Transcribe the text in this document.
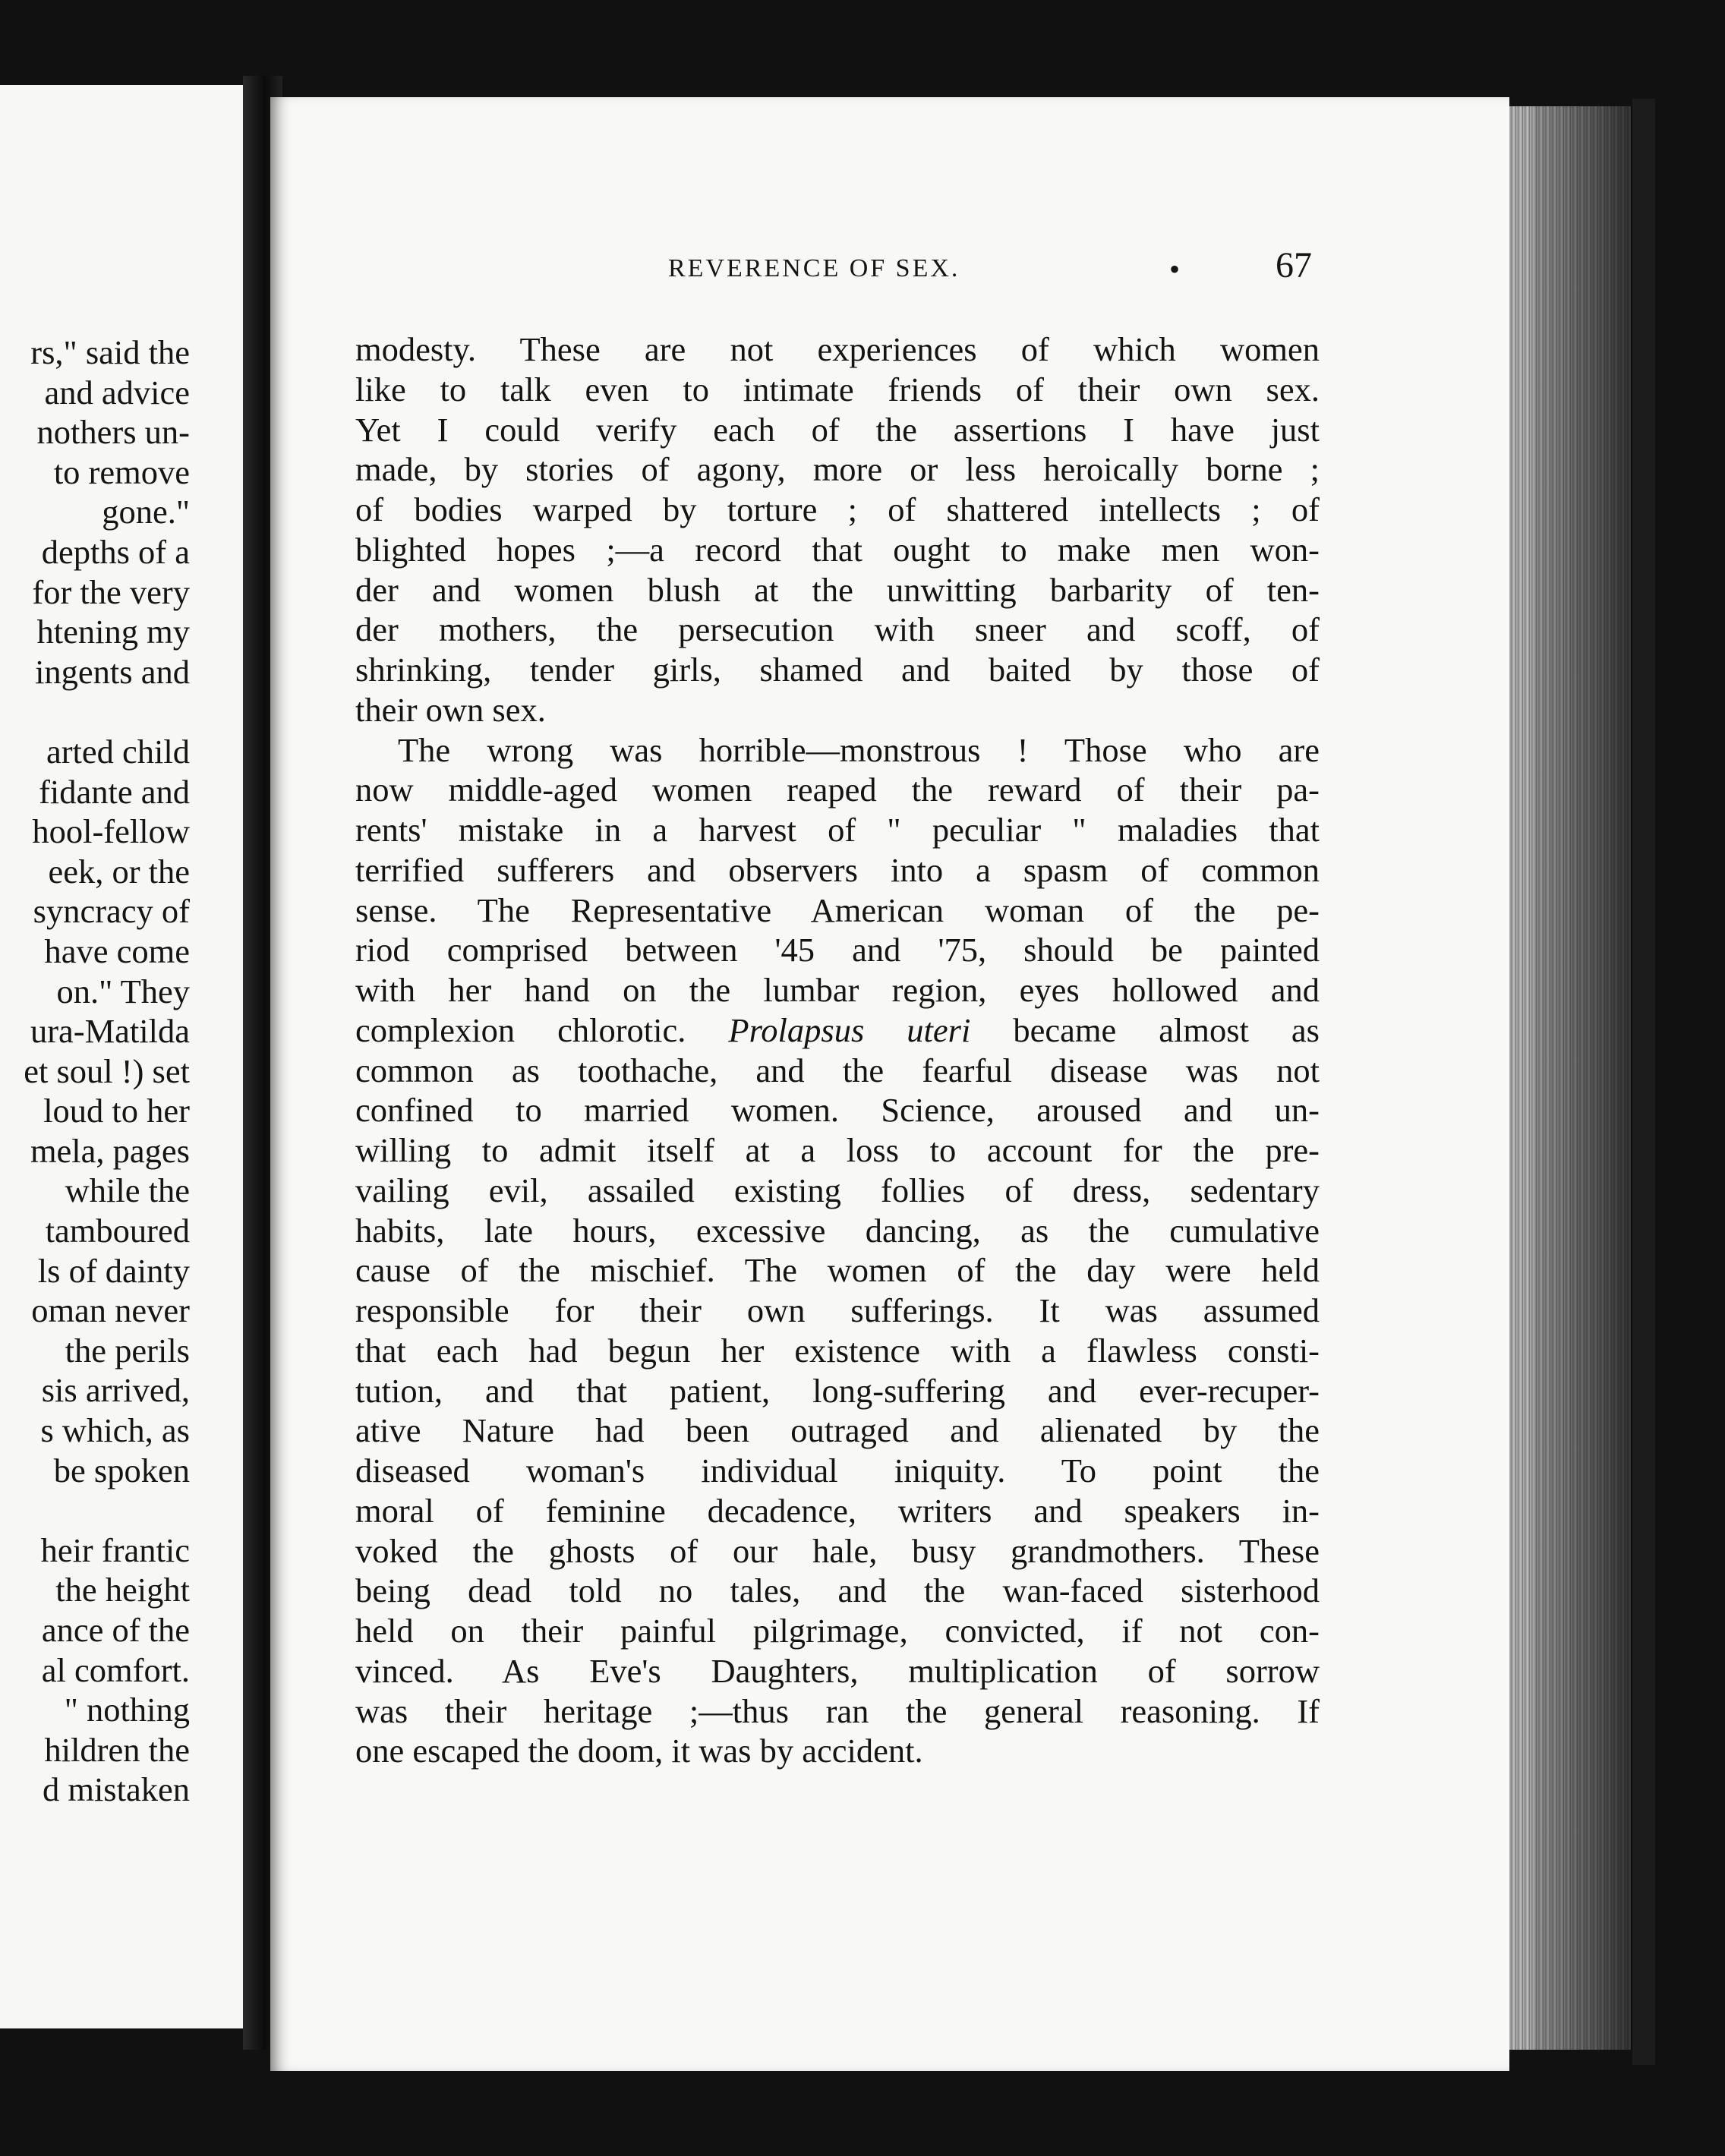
rs," said the
and advice
nothers un-
to remove
gone."
depths of a
for the very
htening my
ingents and
arted child
fidante and
hool-fellow
eek, or the
syncracy of
have come
on." They
ura-Matilda
et soul !) set
loud to her
mela, pages
while the
tamboured
ls of dainty
oman never
the perils
sis arrived,
s which, as
be spoken
heir frantic
the height
ance of the
al comfort.
" nothing
hildren the
d mistaken
REVERENCE OF SEX.	•	67
modesty. These are not experiences of which women
like to talk even to intimate friends of their own sex.
Yet I could verify each of the assertions I have just
made, by stories of agony, more or less heroically borne ;
of bodies warped by torture ; of shattered intellects ; of
blighted hopes ;—a record that ought to make men won-
der and women blush at the unwitting barbarity of ten-
der mothers, the persecution with sneer and scoff, of
shrinking, tender girls, shamed and baited by those of
their own sex.
The wrong was horrible—monstrous ! Those who are
now middle-aged women reaped the reward of their pa-
rents' mistake in a harvest of " peculiar " maladies that
terrified sufferers and observers into a spasm of common
sense. The Representative American woman of the pe-
riod comprised between '45 and '75, should be painted
with her hand on the lumbar region, eyes hollowed and
complexion chlorotic. Prolapsus uteri became almost as
common as toothache, and the fearful disease was not
confined to married women. Science, aroused and un-
willing to admit itself at a loss to account for the pre-
vailing evil, assailed existing follies of dress, sedentary
habits, late hours, excessive dancing, as the cumulative
cause of the mischief. The women of the day were held
responsible for their own sufferings. It was assumed
that each had begun her existence with a flawless consti-
tution, and that patient, long-suffering and ever-recuper-
ative Nature had been outraged and alienated by the
diseased woman's individual iniquity. To point the
moral of feminine decadence, writers and speakers in-
voked the ghosts of our hale, busy grandmothers. These
being dead told no tales, and the wan-faced sisterhood
held on their painful pilgrimage, convicted, if not con-
vinced. As Eve's Daughters, multiplication of sorrow
was their heritage ;—thus ran the general reasoning. If
one escaped the doom, it was by accident.
